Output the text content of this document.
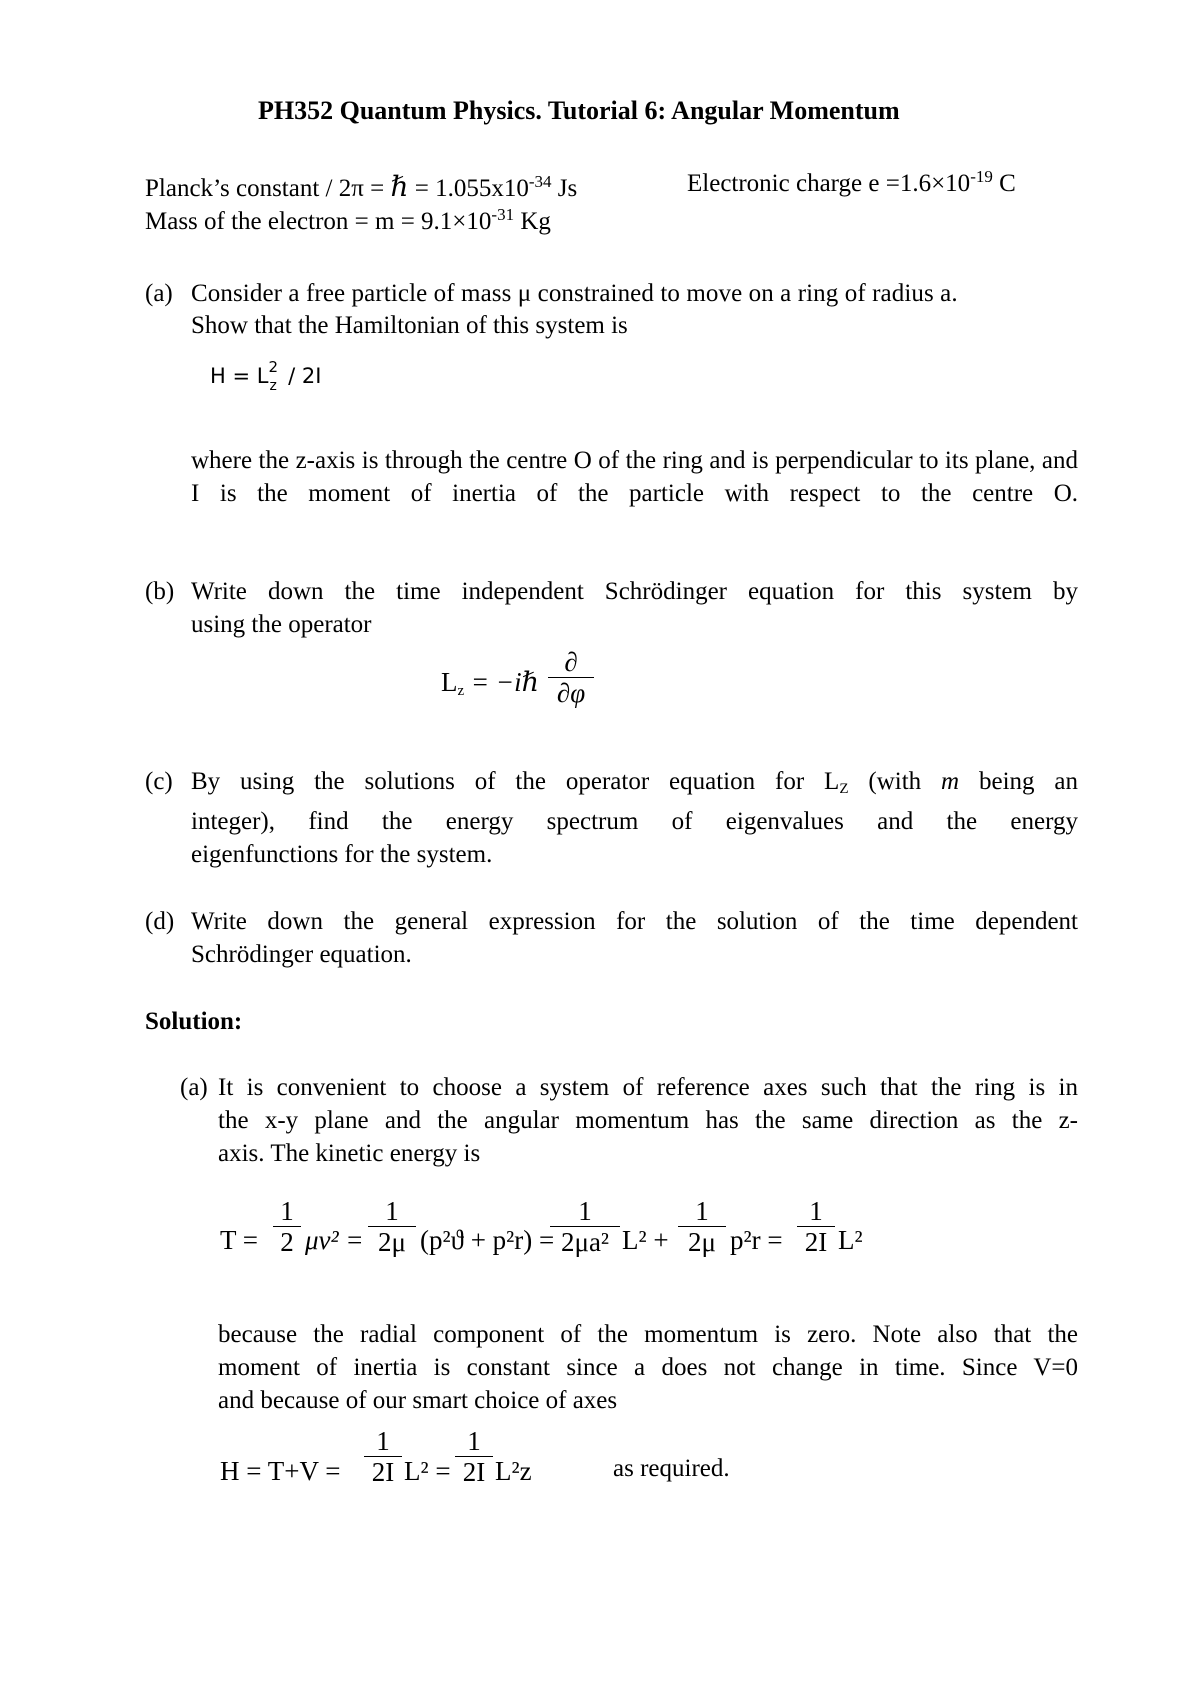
PH352 Quantum Physics. Tutorial 6: Angular Momentum
Planck’s constant / 2π = ℏ = $1.055x10^{-34}$ Js	Electronic charge $e =1.6\times 10^{-19}$ C
Mass of the electron = $m = 9.1\times 10^{-31}$ Kg
(a) Consider a free particle of mass μ constrained to move on a ring of radius a.
Show that the Hamiltonian of this system is
H = L 2
z / 2I
where the z-axis is through the centre O of the ring and is perpendicular to its plane, and I is the moment of inertia of the particle with respect to the centre O.
(b) Write down the time independent Schrödinger equation for this system by
using the operator
$L_z$ = −iℏ
∂
∂φ
(c) By using the solutions of the operator equation for $L_Z$ (with m being an
integer), find the energy spectrum of eigenvalues and the energy
eigenfunctions for the system.
(d) Write down the general expression for the solution of the time dependent
Schrödinger equation.
Solution:
(a) It is convenient to choose a system of reference axes such that the ring is in
the x-y plane and the angular momentum has the same direction as the z-
axis. The kinetic energy is
T =
1
2 μv² =
1
2μ (p²ϑ + p²r) =
1
2μa² L² +
1
2μ p²r =
1
2I L²
because the radial component of the momentum is zero. Note also that the
moment of inertia is constant since a does not change in time. Since V=0
and because of our smart choice of axes
H = T+V =
1
2I L² =
1
2I L²z	as required.
